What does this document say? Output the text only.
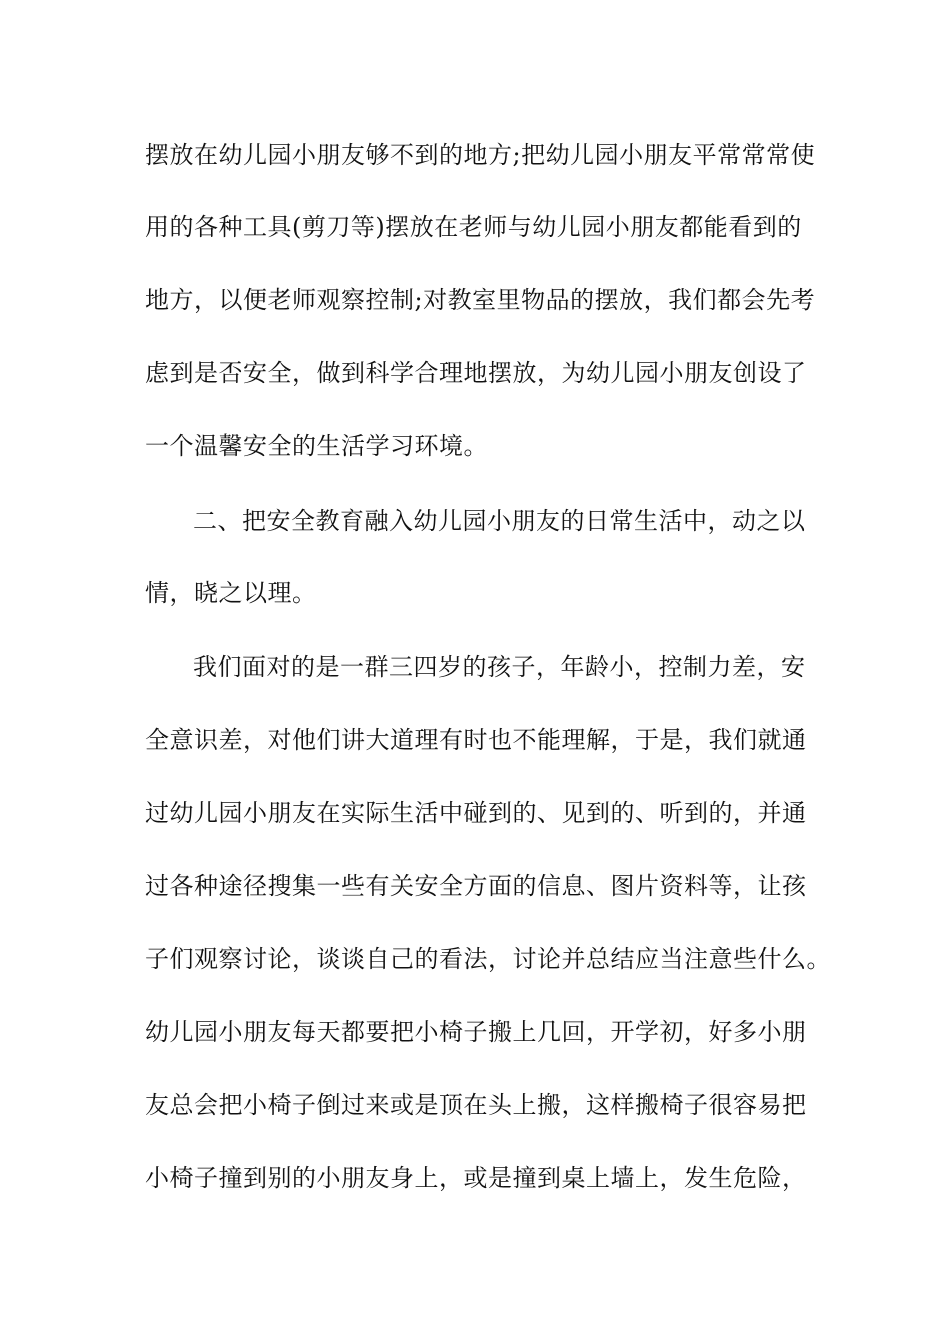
摆放在幼儿园小朋友够不到的地方;把幼儿园小朋友平常常常使
用的各种工具(剪刀等)摆放在老师与幼儿园小朋友都能看到的
地方，以便老师观察控制;对教室里物品的摆放，我们都会先考
虑到是否安全，做到科学合理地摆放，为幼儿园小朋友创设了
一个温馨安全的生活学习环境。
二、把安全教育融入幼儿园小朋友的日常生活中，动之以
情，晓之以理。
我们面对的是一群三四岁的孩子，年龄小，控制力差，安
全意识差，对他们讲大道理有时也不能理解，于是，我们就通
过幼儿园小朋友在实际生活中碰到的、见到的、听到的，并通
过各种途径搜集一些有关安全方面的信息、图片资料等，让孩
子们观察讨论，谈谈自己的看法，讨论并总结应当注意些什么。
幼儿园小朋友每天都要把小椅子搬上几回，开学初，好多小朋
友总会把小椅子倒过来或是顶在头上搬，这样搬椅子很容易把
小椅子撞到别的小朋友身上，或是撞到桌上墙上，发生危险，
